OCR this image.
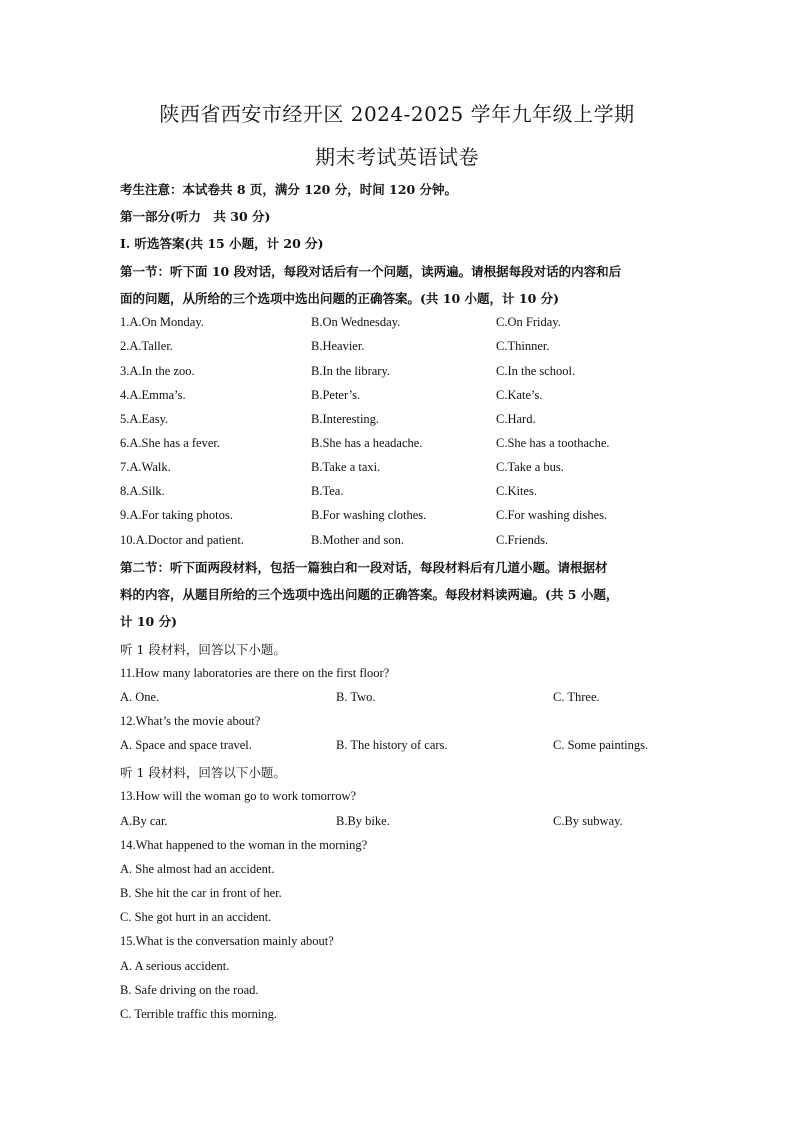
陕西省西安市经开区 2024-2025 学年九年级上学期
期末考试英语试卷
考生注意：本试卷共 8 页，满分 120 分，时间 120 分钟。
第一部分(听力　共 30 分)
Ⅰ. 听选答案(共 15 小题，计 20 分)
第一节：听下面 10 段对话，每段对话后有一个问题，读两遍。请根据每段对话的内容和后
面的问题，从所给的三个选项中选出问题的正确答案。(共 10 小题，计 10 分)
1.A.On Monday.	B.On Wednesday.	C.On Friday.
2.A.Taller.	B.Heavier.	C.Thinner.
3.A.In the zoo.	B.In the library.	C.In the school.
4.A.Emma’s.	B.Peter’s.	C.Kate’s.
5.A.Easy.	B.Interesting.	C.Hard.
6.A.She has a fever.	B.She has a headache.	C.She has a toothache.
7.A.Walk.	B.Take a taxi.	C.Take a bus.
8.A.Silk.	B.Tea.	C.Kites.
9.A.For taking photos.	B.For washing clothes.	C.For washing dishes.
10.A.Doctor and patient.	B.Mother and son.	C.Friends.
第二节：听下面两段材料，包括一篇独白和一段对话，每段材料后有几道小题。请根据材
料的内容，从题目所给的三个选项中选出问题的正确答案。每段材料读两遍。(共 5 小题，
计 10 分)
听 1 段材料，回答以下小题。
11.How many laboratories are there on the first floor?
A. One.	B. Two.	C. Three.
12.What’s the movie about?
A. Space and space travel.	B. The history of cars.	C. Some paintings.
听 1 段材料，回答以下小题。
13.How will the woman go to work tomorrow?
A.By car.	B.By bike.	C.By subway.
14.What happened to the woman in the morning?
A. She almost had an accident.
B. She hit the car in front of her.
C. She got hurt in an accident.
15.What is the conversation mainly about?
A. A serious accident.
B. Safe driving on the road.
C. Terrible traffic this morning.
